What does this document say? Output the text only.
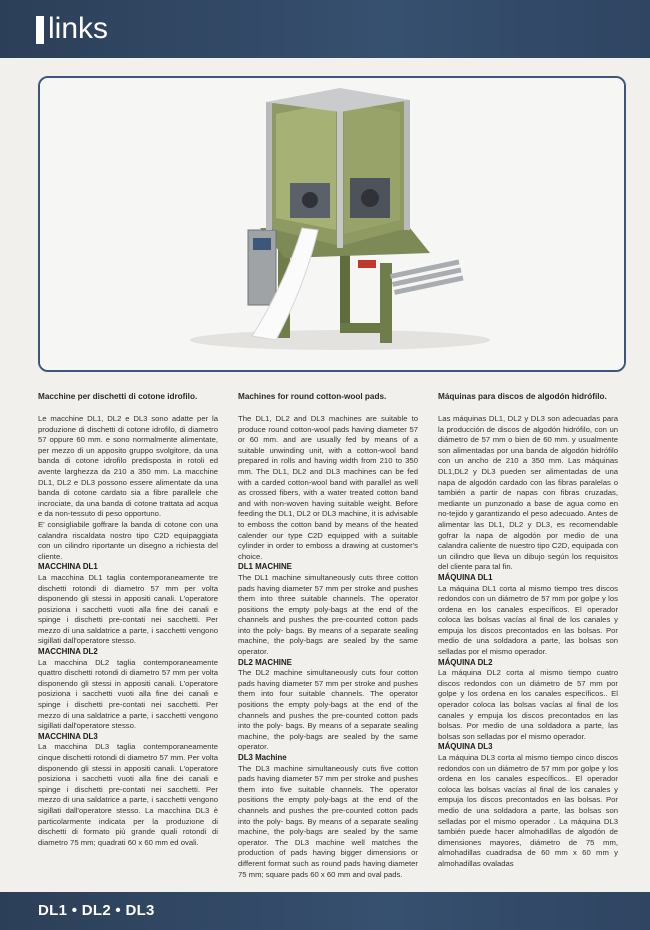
links
Macchine per dischetti di cotone idrofilo.

Le macchine DL1, DL2 e DL3 sono adatte per la produzione di dischetti di cotone idrofilo, di diametro 57 oppure 60 mm. e sono normalmente alimentate, per mezzo di un apposito gruppo svolgitore, da una banda di cotone idrofilo predisposta in rotoli ed avente larghezza da 210 a 350 mm. La macchine DL1, DL2 e DL3 possono essere alimentate da una banda di cotone cardato sia a fibre parallele che incrociate, da una banda di cotone trattata ad acqua e da non-tessuto di peso opportuno.

E' consigliabile goffrare la banda di cotone con una calandra riscaldata nostro tipo C2D equipaggiata con un cilindro riportante un disegno a richiesta del cliente.

MACCHINA DL1

La macchina DL1 taglia contemporaneamente tre dischetti rotondi di diametro 57 mm per volta disponendo gli stessi in appositi canali. L'operatore posiziona i sacchetti vuoti alla fine dei canali e spinge i dischetti pre-contati nei sacchetti. Per mezzo di una saldatrice a parte, i sacchetti vengono sigillati dall'operatore stesso.

MACCHINA DL2

La macchina DL2 taglia contemporaneamente quattro dischetti rotondi di diametro 57 mm per volta disponendo gli stessi in appositi canali. L'operatore posiziona i sacchetti vuoti alla fine dei canali e spinge i dischetti pre-contati nei sacchetti. Per mezzo di una saldatrice a parte, i sacchetti vengono sigillati dall'operatore stesso.

MACCHINA DL3

La macchina DL3 taglia contemporaneamente cinque dischetti rotondi di diametro 57 mm. Per volta disponendo gli stessi in appositi canali. L'operatore posiziona i sacchetti vuoti alla fine dei canali e spinge i dischetti pre-contati nei sacchetti. Per mezzo di una saldatrice a parte, i sacchetti vengono sigillati dall'operatore stesso. La macchina DL3 è particolarmente indicata per la produzione di dischetti di formato più grande quali rotondi di diametro 75 mm; quadrati 60 x 60 mm ed ovali.

Machines for round cotton-wool pads.

The DL1, DL2 and DL3 machines are suitable to produce round cotton-wool pads having diameter 57 or 60 mm. and are usually fed by means of a suitable unwinding unit, with a cotton-wool band prepared in rolls and having width from 210 to 350 mm. The DL1, DL2 and DL3 machines can be fed with a carded cotton-wool band with parallel as well as crossed fibers, with a water treated cotton band and with non-woven having suitable weight. Before feeding the DL1, DL2 or DL3 machine, it is advisable to emboss the cotton band by means of the heated calender our type C2D equipped with a suitable cylinder in order to emboss a drawing at customer's choice.

DL1 MACHINE

The DL1 machine simultaneously cuts three cotton pads having diameter 57 mm per stroke and pushes them into three suitable channels. The operator positions the empty poly-bags at the end of the channels and pushes the pre-counted cotton pads into the poly- bags. By means of a separate sealing machine, the poly-bags are sealed by the same operator.

DL2 MACHINE

The DL2 machine simultaneously cuts four cotton pads having diameter 57 mm per stroke and pushes them into four suitable channels. The operator positions the empty poly-bags at the end of the channels and pushes the pre-counted cotton pads into the poly- bags. By means of a separate sealing machine, the poly-bags are sealed by the same operator.

DL3 Machine

The DL3 machine simultaneously cuts five cotton pads having diameter 57 mm per stroke and pushes them into five suitable channels. The operator positions the empty poly-bags at the end of the channels and pushes the pre-counted cotton pads into the poly- bags. By means of a separate sealing machine, the poly-bags are sealed by the same operator. The DL3 machine well matches the production of pads having bigger dimensions or different format such as round pads having diameter 75 mm; square pads 60 x 60 mm and oval pads.

Máquinas para discos de algodón hidrófilo.

Las máquinas DL1, DL2 y DL3 son adecuadas para la producción de discos de algodón hidrófilo, con un diámetro de 57 mm o bien de 60 mm. y usualmente son alimentadas por una banda de algodón hidrófilo con un ancho de 210 a 350 mm. Las máquinas DL1,DL2 y DL3 pueden ser alimentadas de una napa de algodón cardado con las fibras paralelas o también a partir de napas con fibras cruzadas, mediante un punzonado a base de agua como en no-tejido y garantizando el peso adecuado. Antes de alimentar las DL1, DL2 y DL3, es recomendable gofrar la napa de algodón por medio de una calandra caliente de nuestro tipo C2D, equipada con un cilindro que lleva un dibujo según los requisitos del cliente para tal fin.

MÁQUINA DL1

La máquina DL1 corta al mismo tiempo tres discos redondos con un diámetro de 57 mm por golpe y los ordena en los canales específicos. El operador coloca las bolsas vacías al final de los canales y empuja los discos precontados en las bolsas. Por medio de una soldadora a parte, las bolsas son selladas por el mismo operador.

MÁQUINA DL2

La máquina DL2 corta al mismo tiempo cuatro discos redondos con un diámetro de 57 mm por golpe y los ordena en los canales específicos.. El operador coloca las bolsas vacías al final de los canales y empuja los discos precontados en las bolsas. Por medio de una soldadora a parte, las bolsas son selladas por el mismo operador.

MÁQUINA DL3

La máquina DL3 corta al mismo tiempo cinco discos redondos con un diámetro de 57 mm por golpe y los ordena en los canales específicos.. El operador coloca las bolsas vacías al final de los canales y empuja los discos precontados en las bolsas. Por medio de una soldadora a parte, las bolsas son selladas por el mismo operador . La máquina DL3 también puede hacer almohadillas de algodón de dimensiones mayores, diámetro de 75 mm, almohadillas cuadradsa de 60 mm x 60 mm y almohadillas ovaladas

DL1 • DL2 • DL3
